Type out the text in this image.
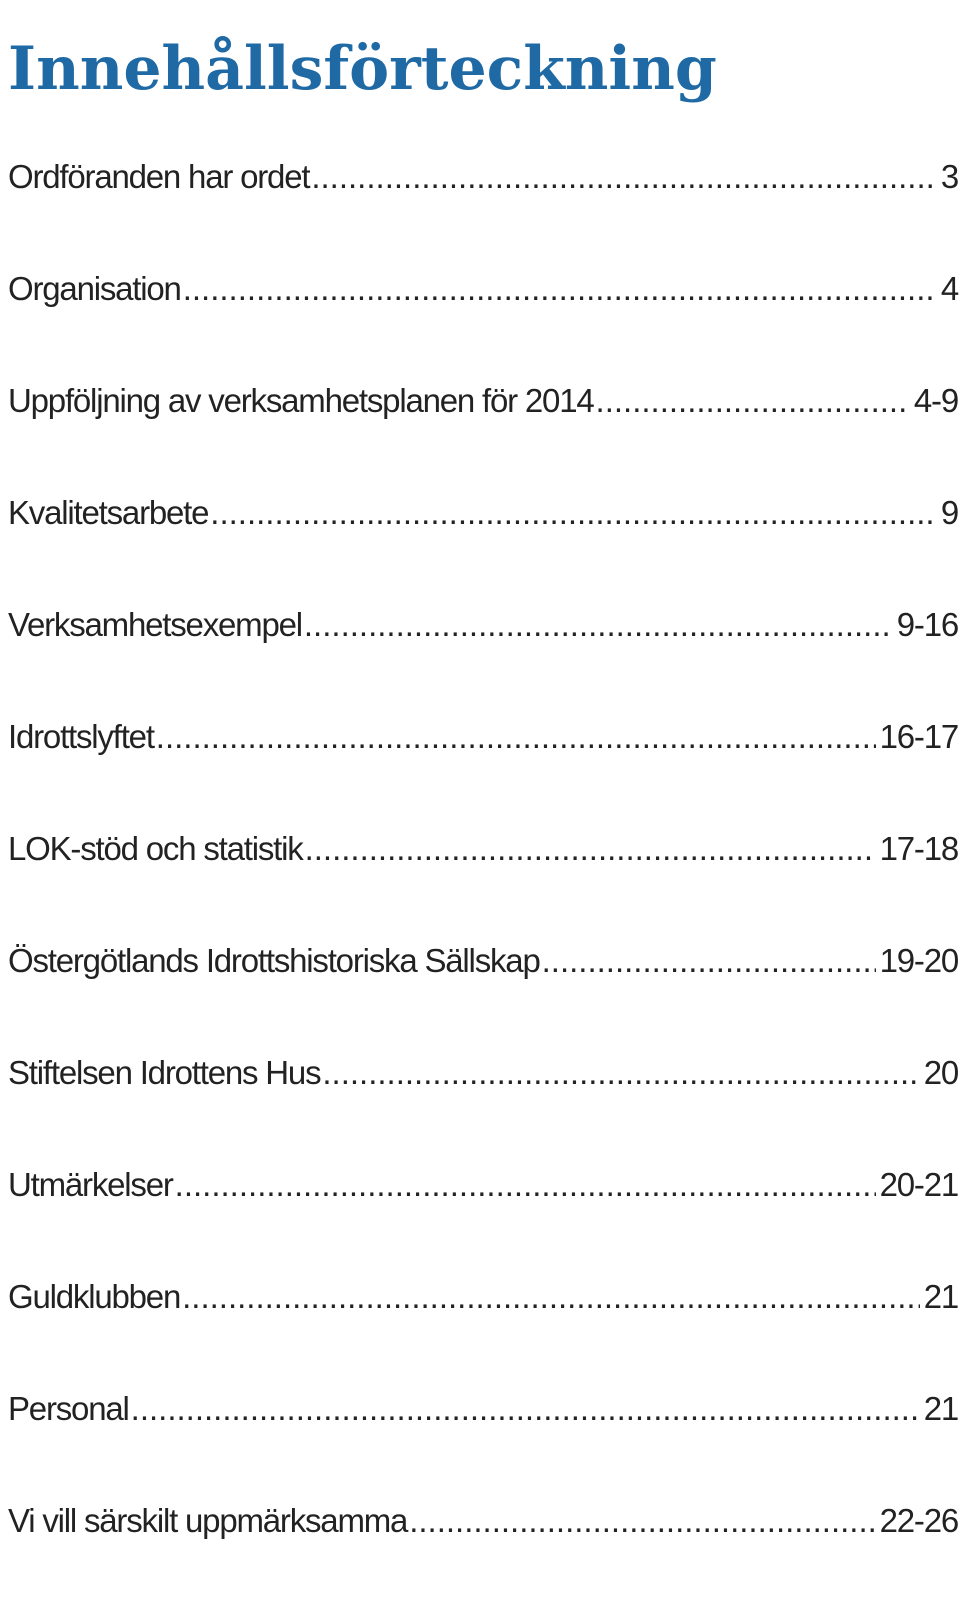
Innehållsförteckning
Ordföranden har ordet .....	3
Organisation .....	4
Uppföljning av verksamhetsplanen för 2014 .....	4-9
Kvalitetsarbete .....	9
Verksamhetsexempel .....	9-16
Idrottslyftet .....	16-17
LOK-stöd och statistik .....	17-18
Östergötlands Idrottshistoriska Sällskap .....	19-20
Stiftelsen Idrottens Hus .....	20
Utmärkelser .....	20-21
Guldklubben .....	21
Personal .....	21
Vi vill särskilt uppmärksamma .....	22-26
